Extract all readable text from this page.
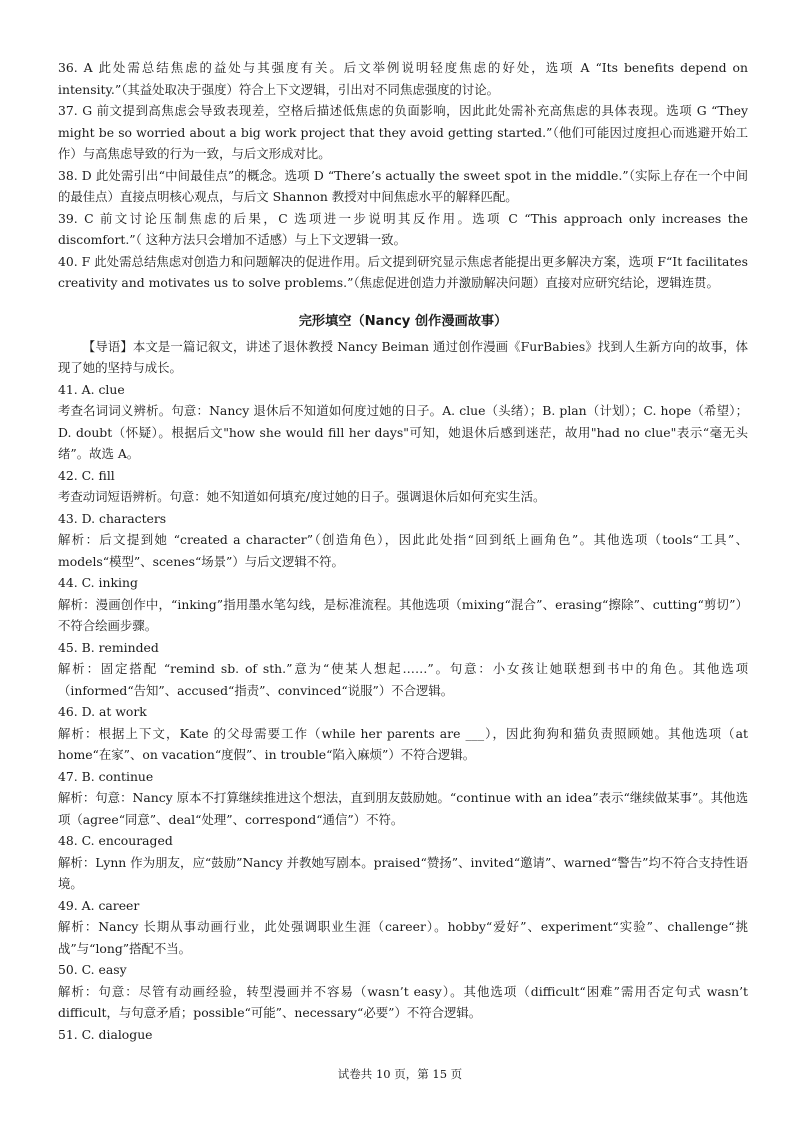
36. A 此处需总结焦虑的益处与其强度有关。后文举例说明轻度焦虑的好处，选项 A “Its benefits depend on intensity.”（其益处取决于强度）符合上下文逻辑，引出对不同焦虑强度的讨论。

37. G 前文提到高焦虑会导致表现差，空格后描述低焦虑的负面影响，因此此处需补充高焦虑的具体表现。选项 G “They might be so worried about a big work project that they avoid getting started.”（他们可能因过度担心而逃避开始工作）与高焦虑导致的行为一致，与后文形成对比。

38. D 此处需引出“中间最佳点”的概念。选项 D “There’s actually the sweet spot in the middle.”（实际上存在一个中间的最佳点）直接点明核心观点，与后文 Shannon 教授对中间焦虑水平的解释匹配。

39. C 前文讨论压制焦虑的后果，C 选项进一步说明其反作用。选项 C “This approach only increases the discomfort.”（ 这种方法只会增加不适感）与上下文逻辑一致。

40. F 此处需总结焦虑对创造力和问题解决的促进作用。后文提到研究显示焦虑者能提出更多解决方案，选项 F“It facilitates creativity and motivates us to solve problems.”（焦虑促进创造力并激励解决问题）直接对应研究结论，逻辑连贯。

完形填空（Nancy 创作漫画故事）

【导语】本文是一篇记叙文，讲述了退休教授 Nancy Beiman 通过创作漫画《FurBabies》找到人生新方向的故事，体现了她的坚持与成长。

41. A. clue

考查名词词义辨析。句意：Nancy 退休后不知道如何度过她的日子。A. clue（头绪）；B. plan（计划）；C. hope（希望）；D. doubt（怀疑）。根据后文"how she would fill her days"可知，她退休后感到迷茫，故用"had no clue"表示“毫无头绪”。故选 A。

42. C. fill

考查动词短语辨析。句意：她不知道如何填充/度过她的日子。强调退休后如何充实生活。

43. D. characters

解析：后文提到她 “created a character”（创造角色），因此此处指“回到纸上画角色”。其他选项（tools“工具”、models“模型”、scenes“场景”）与后文逻辑不符。

44. C. inking

解析：漫画创作中，“inking”指用墨水笔勾线，是标准流程。其他选项（mixing“混合”、erasing“擦除”、cutting“剪切”）不符合绘画步骤。

45. B. reminded

解析：固定搭配 “remind sb. of sth.”意为“使某人想起……”。句意：小女孩让她联想到书中的角色。其他选项（informed“告知”、accused“指责”、convinced“说服”）不合逻辑。

46. D. at work

解析：根据上下文，Kate 的父母需要工作（while her parents are ___），因此狗狗和猫负责照顾她。其他选项（at home“在家”、on vacation“度假”、in trouble“陷入麻烦”）不符合逻辑。

47. B. continue

解析：句意：Nancy 原本不打算继续推进这个想法，直到朋友鼓励她。“continue with an idea”表示“继续做某事”。其他选项（agree“同意”、deal“处理”、correspond“通信”）不符。

48. C. encouraged

解析：Lynn 作为朋友，应“鼓励”Nancy 并教她写剧本。praised“赞扬”、invited“邀请”、warned“警告”均不符合支持性语境。

49. A. career

解析：Nancy 长期从事动画行业，此处强调职业生涯（career）。hobby“爱好”、experiment“实验”、challenge“挑战”与“long”搭配不当。

50. C. easy

解析：句意：尽管有动画经验，转型漫画并不容易（wasn’t easy）。其他选项（difficult“困难”需用否定句式 wasn’t difficult，与句意矛盾；possible“可能”、necessary“必要”）不符合逻辑。

51. C. dialogue

试卷共 10 页，第 15 页
